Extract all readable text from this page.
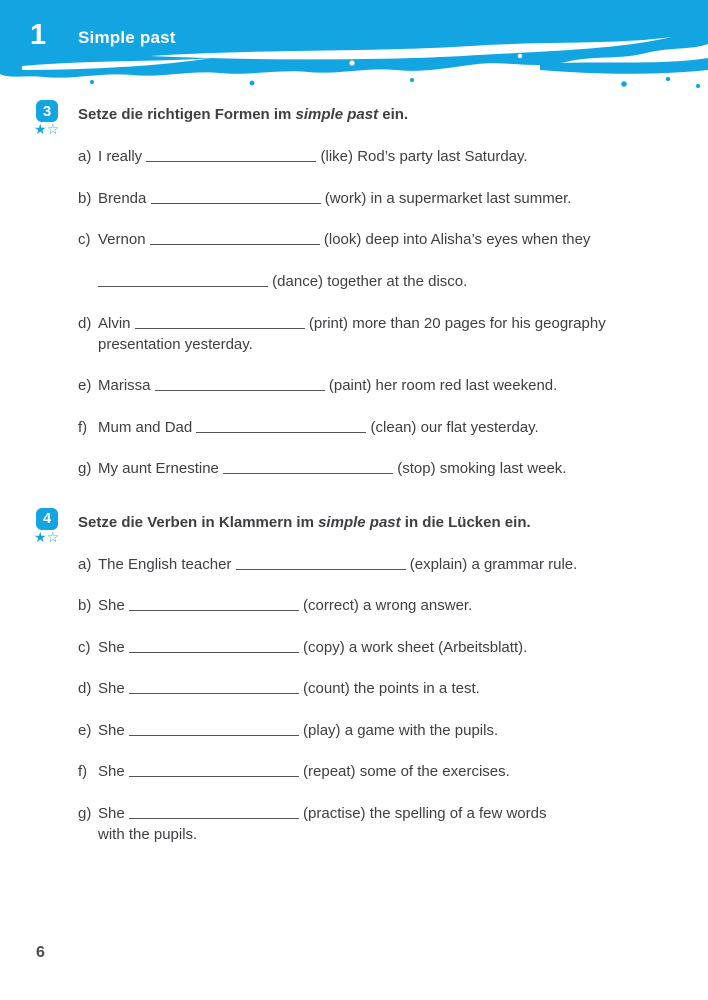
1 Simple past
3
★☆

Setze die richtigen Formen im simple past ein.

a) I really	(like) Rod’s party last Saturday.
b) Brenda	(work) in a supermarket last summer.
c) Vernon	(look) deep into Alisha’s eyes when they
(dance) together at the disco.
d) Alvin	(print) more than 20 pages for his geography
presentation yesterday.
e) Marissa	(paint) her room red last weekend.
f) Mum and Dad	(clean) our flat yesterday.
g) My aunt Ernestine	(stop) smoking last week.
4
★☆

Setze die Verben in Klammern im simple past in die Lücken ein.

a) The English teacher	(explain) a grammar rule.
b) She	(correct) a wrong answer.
c) She	(copy) a work sheet (Arbeitsblatt).
d) She	(count) the points in a test.
e) She	(play) a game with the pupils.
f) She	(repeat) some of the exercises.
g) She	(practise) the spelling of a few words
with the pupils.
6
